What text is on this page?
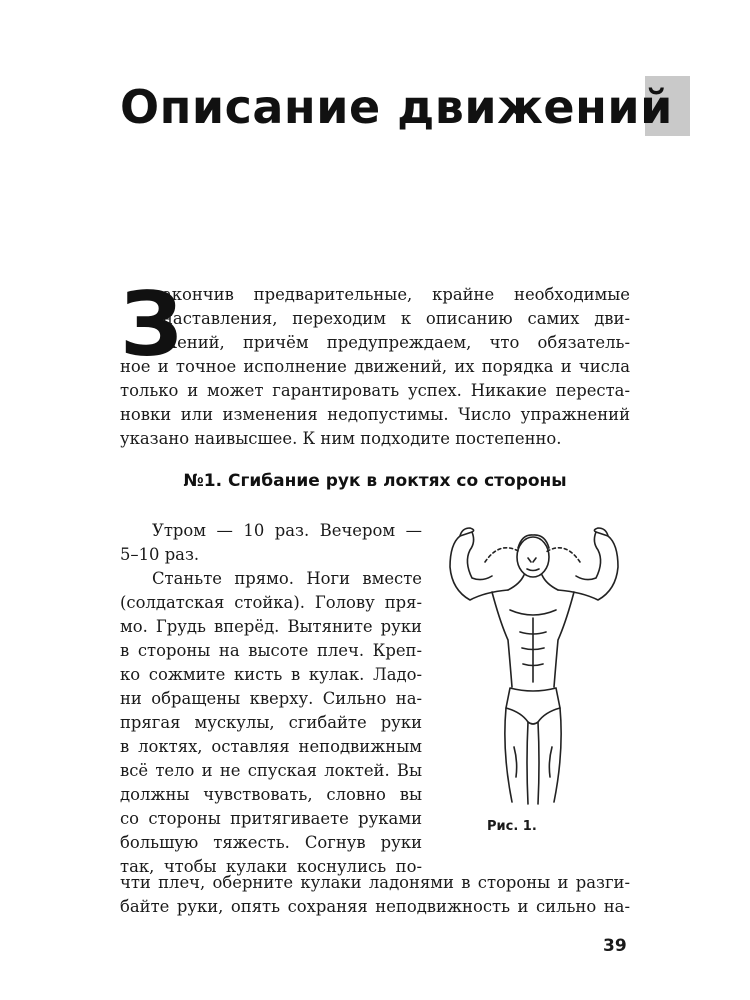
Описание движений
З
акончив предварительные, крайне необходимые
наставления, переходим к описанию самих дви-
жений, причём предупреждаем, что обязатель-
ное и точное исполнение движений, их порядка и числа
только и может гарантировать успех. Никакие переста-
новки или изменения недопустимы. Число упражнений
указано наивысшее. К ним подходите постепенно.
№1. Сгибание рук в локтях со стороны
Утром — 10 раз. Вечером —
5–10 раз.
Станьте прямо. Ноги вместе
(солдатская стойка). Голову пря-
мо. Грудь вперёд. Вытяните руки
в стороны на высоте плеч. Креп-
ко сожмите кисть в кулак. Ладо-
ни обращены кверху. Сильно на-
прягая мускулы, сгибайте руки
в локтях, оставляя неподвижным
всё тело и не спуская локтей. Вы
должны чувствовать, словно вы
со стороны притягиваете руками
большую тяжесть. Согнув руки
так, чтобы кулаки коснулись по-
чти плеч, оберните кулаки ладонями в стороны и разги-
байте руки, опять сохраняя неподвижность и сильно на-
Рис. 1.
39
